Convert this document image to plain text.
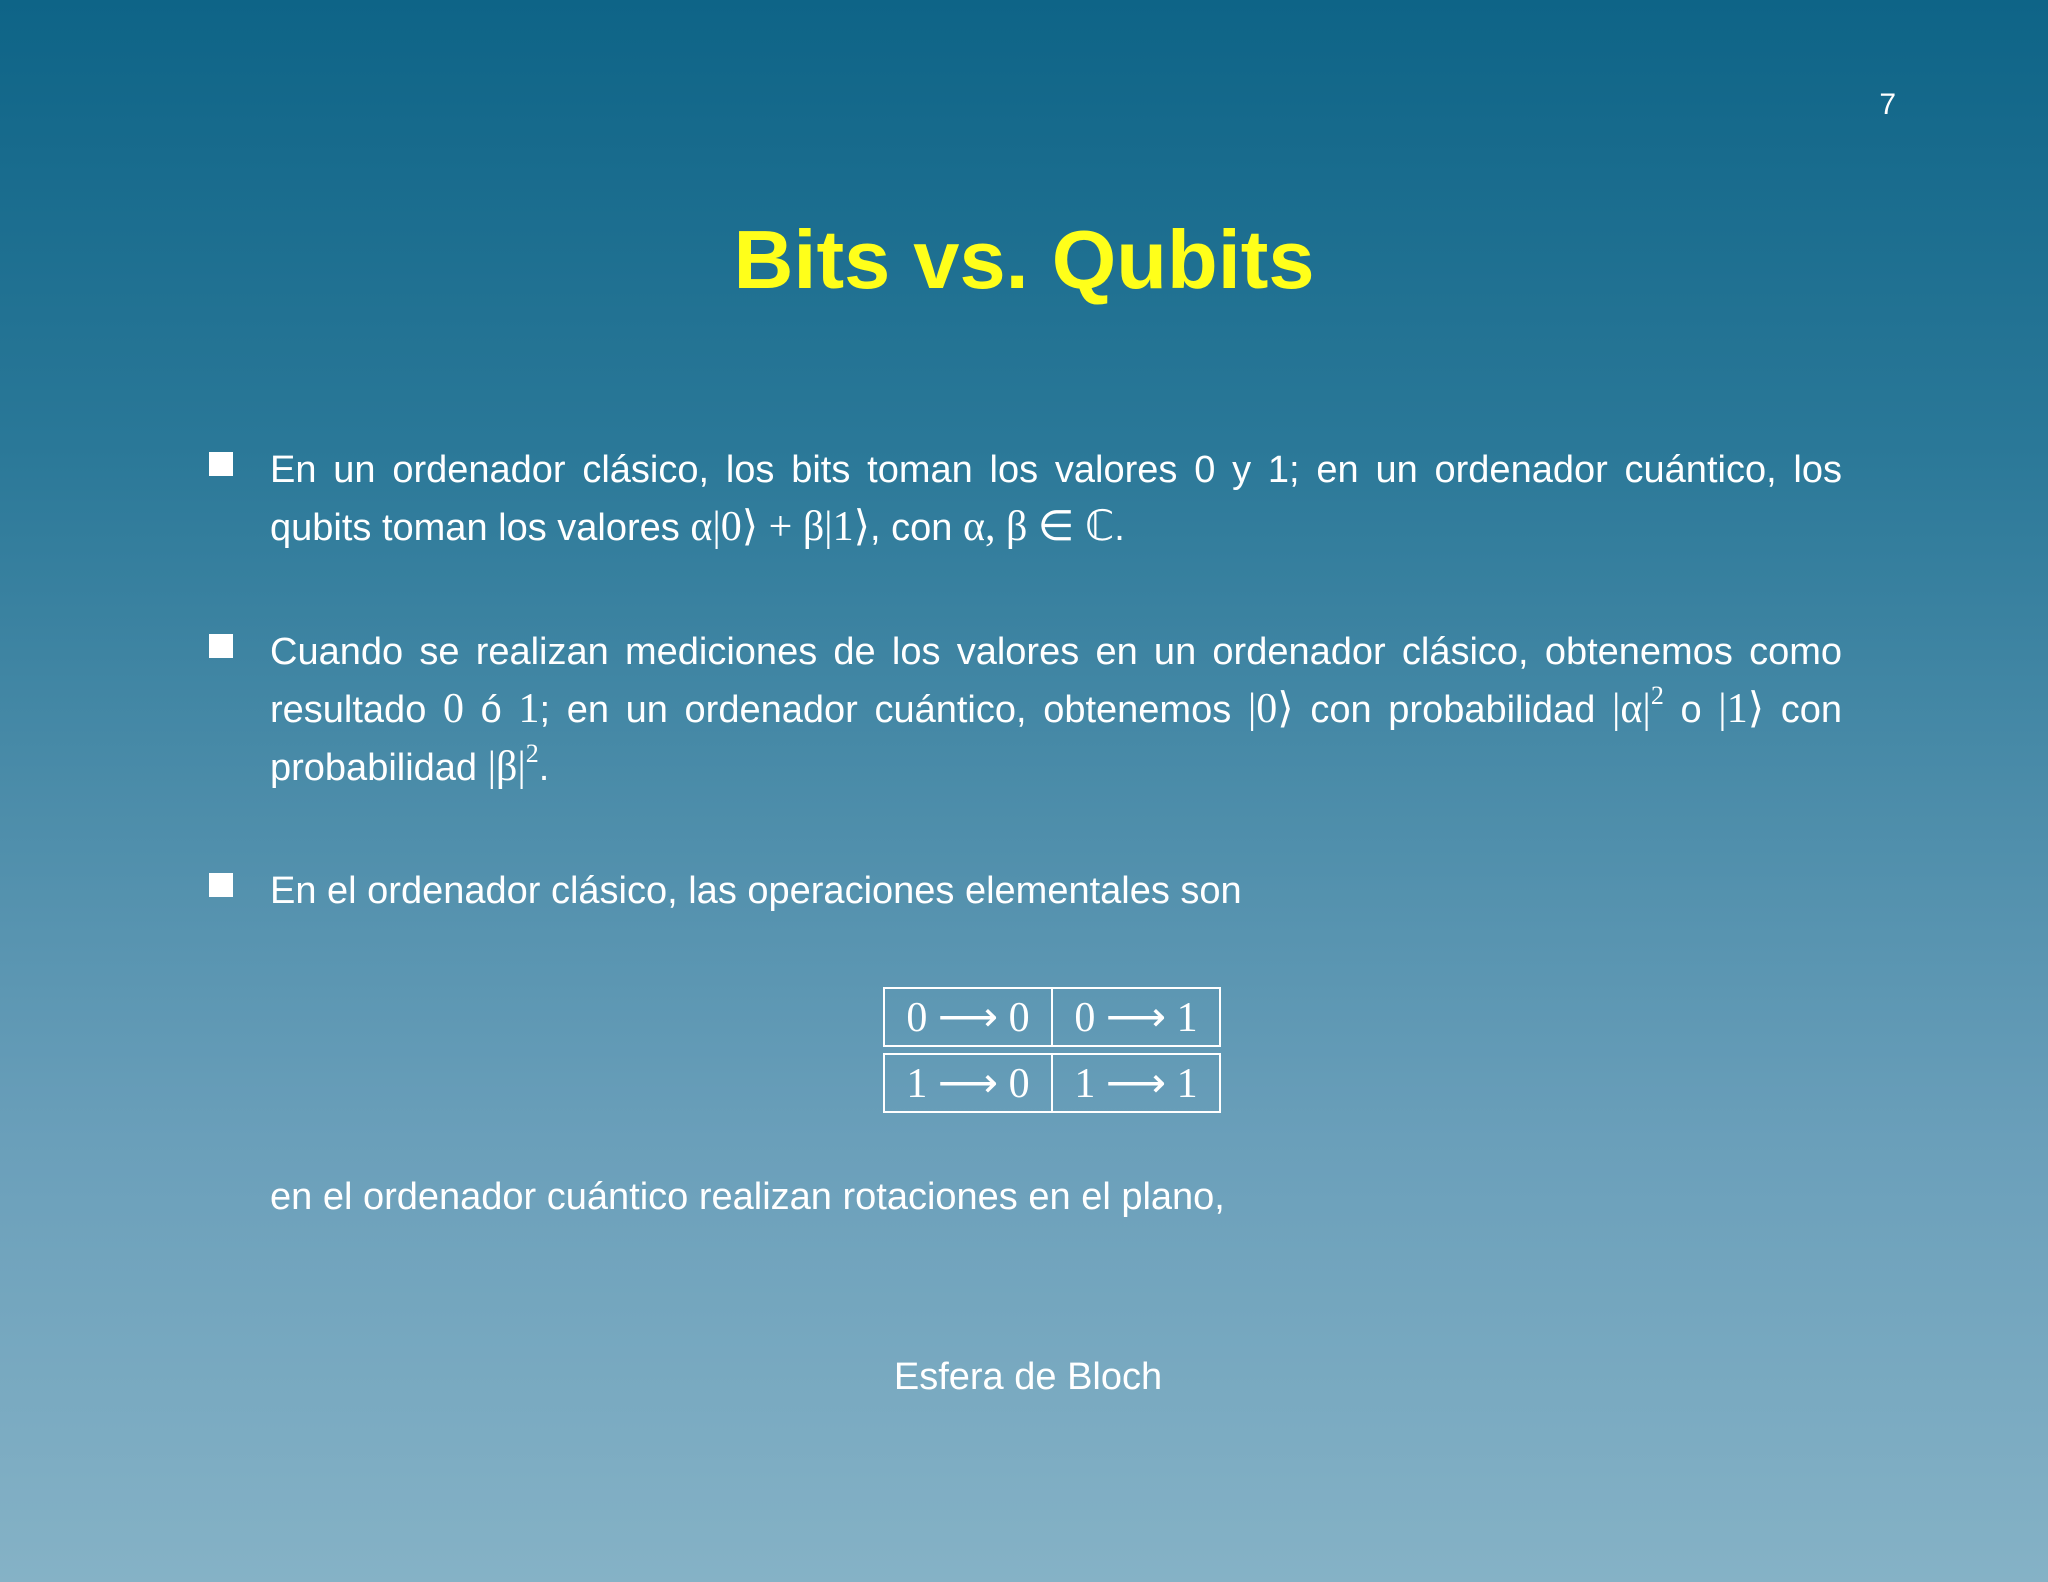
7
Bits vs. Qubits
En un ordenador clásico, los bits toman los valores 0 y 1; en un ordenador cuántico, los qubits toman los valores α|0⟩ + β|1⟩, con α, β ∈ ℂ.
Cuando se realizan mediciones de los valores en un ordenador clásico, obtenemos como resultado 0 ó 1; en un ordenador cuántico, obtenemos |0⟩ con probabilidad $|\alpha|^2$ o |1⟩ con probabilidad $|\beta|^2$.
En el ordenador clásico, las operaciones elementales son
0 ⟶ 0	0 ⟶ 1
1 ⟶ 0	1 ⟶ 1
en el ordenador cuántico realizan rotaciones en el plano,
Esfera de Bloch
